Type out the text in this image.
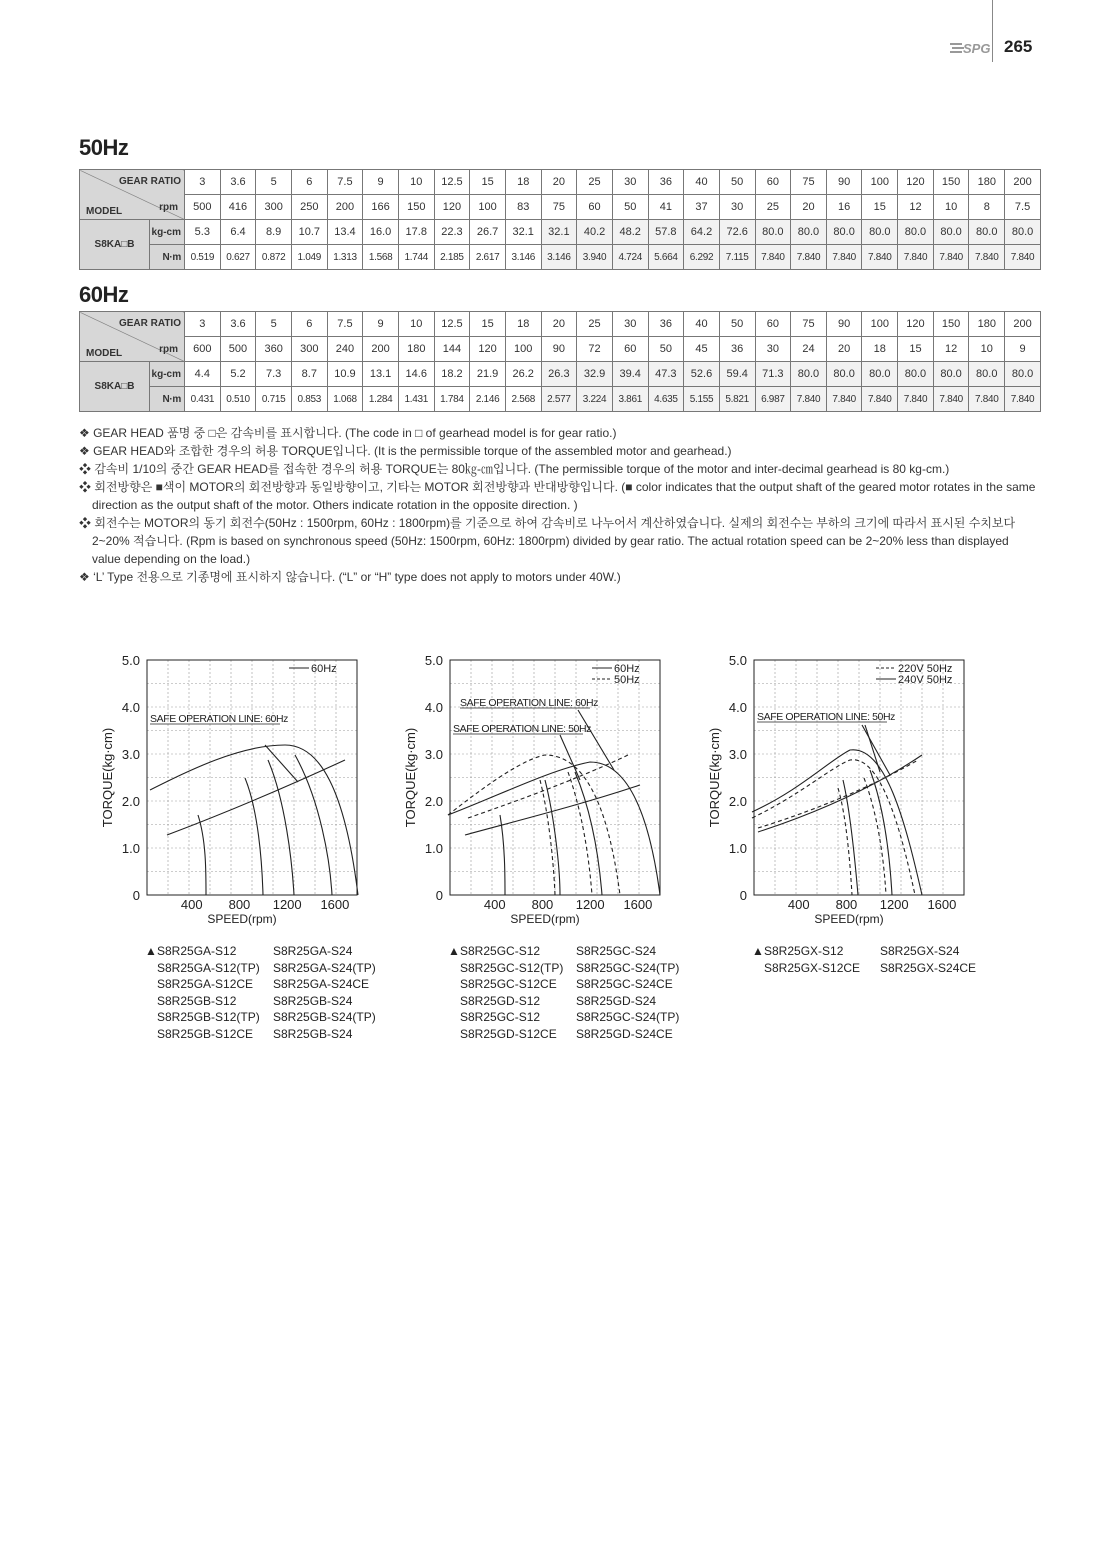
SPG 265
50Hz
GEAR RATIO
rpm
MODEL		3	3.6	5	6	7.5	9	10	12.5	15	18	20	25	30	36	40	50	60	75	90	100	120	150	180	200
		500	416	300	250	200	166	150	120	100	83	75	60	50	41	37	30	25	20	16	15	12	10	8	7.5
S8KA□B	kg-cm	5.3	6.4	8.9	10.7	13.4	16.0	17.8	22.3	26.7	32.1	32.1	40.2	48.2	57.8	64.2	72.6	80.0	80.0	80.0	80.0	80.0	80.0	80.0	80.0
	N·m	0.519	0.627	0.872	1.049	1.313	1.568	1.744	2.185	2.617	3.146	3.146	3.940	4.724	5.664	6.292	7.115	7.840	7.840	7.840	7.840	7.840	7.840	7.840	7.840
60Hz
GEAR RATIO
rpm
MODEL		3	3.6	5	6	7.5	9	10	12.5	15	18	20	25	30	36	40	50	60	75	90	100	120	150	180	200
		600	500	360	300	240	200	180	144	120	100	90	72	60	50	45	36	30	24	20	18	15	12	10	9
S8KA□B	kg-cm	4.4	5.2	7.3	8.7	10.9	13.1	14.6	18.2	21.9	26.2	26.3	32.9	39.4	47.3	52.6	59.4	71.3	80.0	80.0	80.0	80.0	80.0	80.0	80.0
	N·m	0.431	0.510	0.715	0.853	1.068	1.284	1.431	1.784	2.146	2.568	2.577	3.224	3.861	4.635	5.155	5.821	6.987	7.840	7.840	7.840	7.840	7.840	7.840	7.840

❖ GEAR HEAD 품명 중 □은 감속비를 표시합니다. (The code in □ of gearhead model is for gear ratio.)

❖ GEAR HEAD와 조합한 경우의 허용 TORQUE입니다. (It is the permissible torque of the assembled motor and gearhead.)

❖ 감속비 1/10의 중간 GEAR HEAD를 접속한 경우의 허용 TORQUE는 80㎏-㎝입니다. (The permissible torque of the motor and inter-decimal gearhead is 80 kg-cm.)

❖ 회전방향은 ■색이 MOTOR의 회전방향과 동일방향이고, 기타는 MOTOR 회전방향과 반대방향입니다. (■ color indicates that the output shaft of the geared motor rotates in the same direction as the output shaft of the motor. Others indicate rotation in the opposite direction. )

❖ 회전수는 MOTOR의 동기 회전수(50Hz : 1500rpm, 60Hz : 1800rpm)를 기준으로 하여 감속비로 나누어서 계산하였습니다. 실제의 회전수는 부하의 크기에 따라서 표시된 수치보다 2~20% 적습니다. (Rpm is based on synchronous speed (50Hz: 1500rpm, 60Hz: 1800rpm) divided by gear ratio. The actual rotation speed can be 2~20% less than displayed value depending on the load.)

❖ ‘L’ Type 전용으로 기종명에 표시하지 않습니다. (“L” or “H” type does not apply to motors under 40W.)

5.0
4.0
3.0
2.0
1.0
0
400 800 1200 1600
SPEED(rpm)
TORQUE(kg·cm)
60Hz
SAFE OPERATION LINE: 60Hz
▲ S8R25GA-S12	S8R25GA-S24
S8R25GA-S12(TP)	S8R25GA-S24(TP)
S8R25GA-S12CE	S8R25GA-S24CE
S8R25GB-S12	S8R25GB-S24
S8R25GB-S12(TP)	S8R25GB-S24(TP)
S8R25GB-S12CE	S8R25GB-S24
5.0
4.0
3.0
2.0
1.0
0
400 800 1200 1600
SPEED(rpm)
TORQUE(kg·cm)
60Hz
50Hz
SAFE OPERATION LINE: 60Hz
SAFE OPERATION LINE: 50Hz
▲ S8R25GC-S12	S8R25GC-S24
S8R25GC-S12(TP)	S8R25GC-S24(TP)
S8R25GC-S12CE	S8R25GC-S24CE
S8R25GD-S12	S8R25GD-S24
S8R25GC-S12	S8R25GC-S24(TP)
S8R25GD-S12CE	S8R25GD-S24CE
5.0
4.0
3.0
2.0
1.0
0
400 800 1200 1600
SPEED(rpm)
TORQUE(kg·cm)
220V 50Hz
240V 50Hz
SAFE OPERATION LINE: 50Hz
▲ S8R25GX-S12	S8R25GX-S24
S8R25GX-S12CE	S8R25GX-S24CE
